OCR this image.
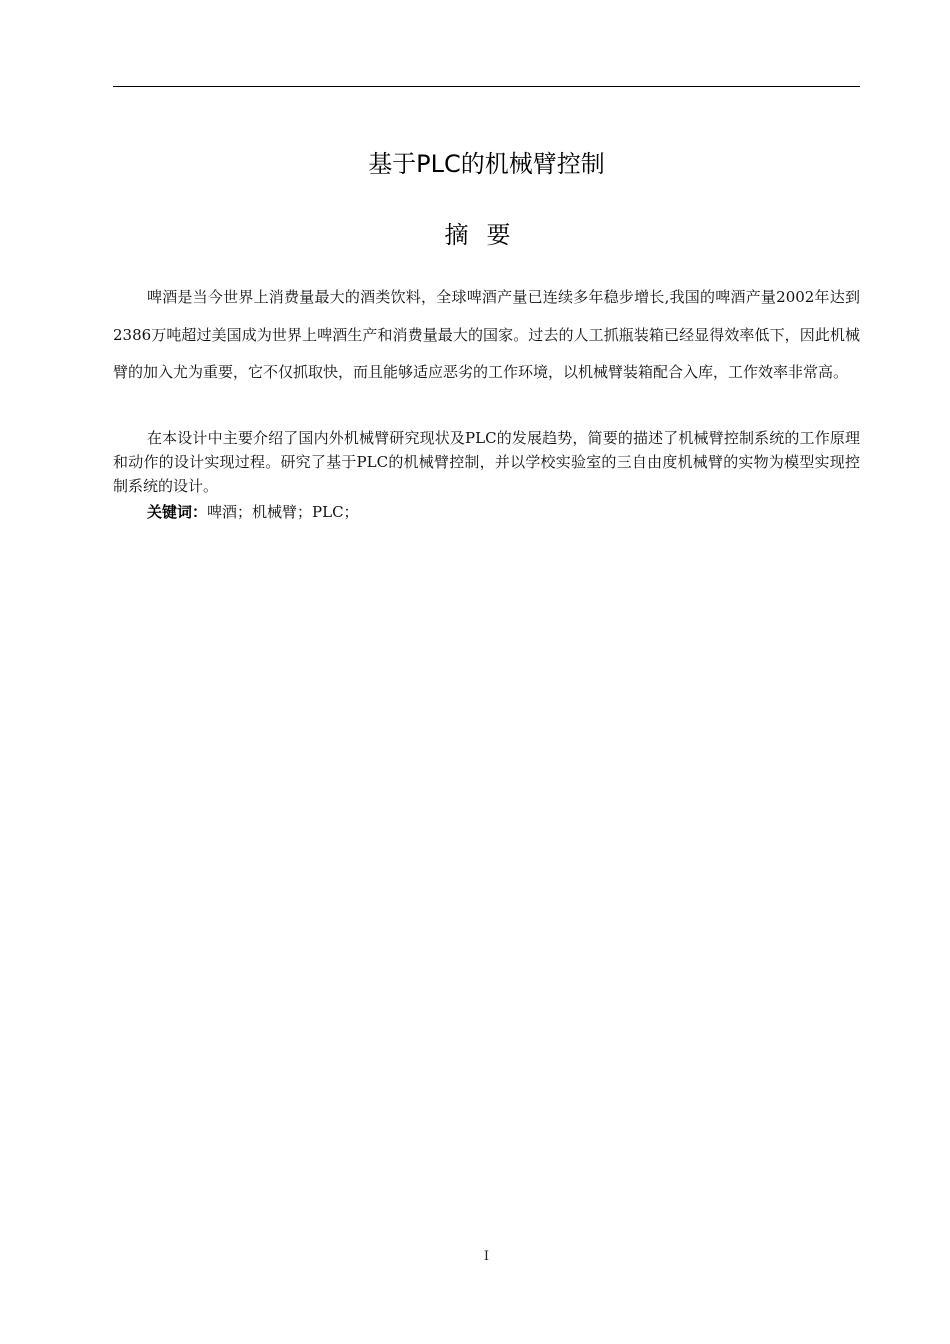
基于PLC的机械臂控制
摘要

啤酒是当今世界上消费量最大的酒类饮料，全球啤酒产量已连续多年稳步增长,我国的啤酒产量2002年达到2386万吨超过美国成为世界上啤酒生产和消费量最大的国家。过去的人工抓瓶装箱已经显得效率低下，因此机械臂的加入尤为重要，它不仅抓取快，而且能够适应恶劣的工作环境，以机械臂装箱配合入库，工作效率非常高。

在本设计中主要介绍了国内外机械臂研究现状及PLC的发展趋势，简要的描述了机械臂控制系统的工作原理和动作的设计实现过程。研究了基于PLC的机械臂控制，并以学校实验室的三自由度机械臂的实物为模型实现控制系统的设计。

关键词：啤酒；机械臂；PLC；
I
